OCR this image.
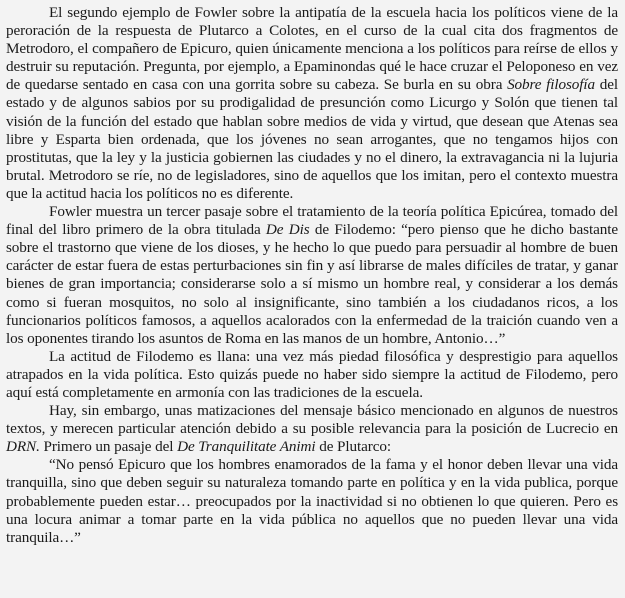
El segundo ejemplo de Fowler sobre la antipatía de la escuela hacia los políticos viene de la peroración de la respuesta de Plutarco a Colotes, en el curso de la cual cita dos fragmentos de Metrodoro, el compañero de Epicuro, quien únicamente menciona a los políticos para reírse de ellos y destruir su reputación. Pregunta, por ejemplo, a Epaminondas qué le hace cruzar el Peloponeso en vez de quedarse sentado en casa con una gorrita sobre su cabeza. Se burla en su obra Sobre filosofía del estado y de algunos sabios por su prodigalidad de presunción como Licurgo y Solón que tienen tal visión de la función del estado que hablan sobre medios de vida y virtud, que desean que Atenas sea libre y Esparta bien ordenada, que los jóvenes no sean arrogantes, que no tengamos hijos con prostitutas, que la ley y la justicia gobiernen las ciudades y no el dinero, la extravagancia ni la lujuria brutal. Metrodoro se ríe, no de legisladores, sino de aquellos que los imitan, pero el contexto muestra que la actitud hacia los políticos no es diferente.

Fowler muestra un tercer pasaje sobre el tratamiento de la teoría política Epicúrea, tomado del final del libro primero de la obra titulada De Dis de Filodemo: “pero pienso que he dicho bastante sobre el trastorno que viene de los dioses, y he hecho lo que puedo para persuadir al hombre de buen carácter de estar fuera de estas perturbaciones sin fin y así librarse de males difíciles de tratar, y ganar bienes de gran importancia; considerarse solo a sí mismo un hombre real, y considerar a los demás como si fueran mosquitos, no solo al insignificante, sino también a los ciudadanos ricos, a los funcionarios políticos famosos, a aquellos acalorados con la enfermedad de la traición cuando ven a los oponentes tirando los asuntos de Roma en las manos de un hombre, Antonio…”

La actitud de Filodemo es llana: una vez más piedad filosófica y desprestigio para aquellos atrapados en la vida política. Esto quizás puede no haber sido siempre la actitud de Filodemo, pero aquí está completamente en armonía con las tradiciones de la escuela.

Hay, sin embargo, unas matizaciones del mensaje básico mencionado en algunos de nuestros textos, y merecen particular atención debido a su posible relevancia para la posición de Lucrecio en DRN. Primero un pasaje del De Tranquilitate Animi de Plutarco:

“No pensó Epicuro que los hombres enamorados de la fama y el honor deben llevar una vida tranquilla, sino que deben seguir su naturaleza tomando parte en política y en la vida publica, porque probablemente pueden estar… preocupados por la inactividad si no obtienen lo que quieren. Pero es una locura animar a tomar parte en la vida pública no aquellos que no pueden llevar una vida tranquila…”
